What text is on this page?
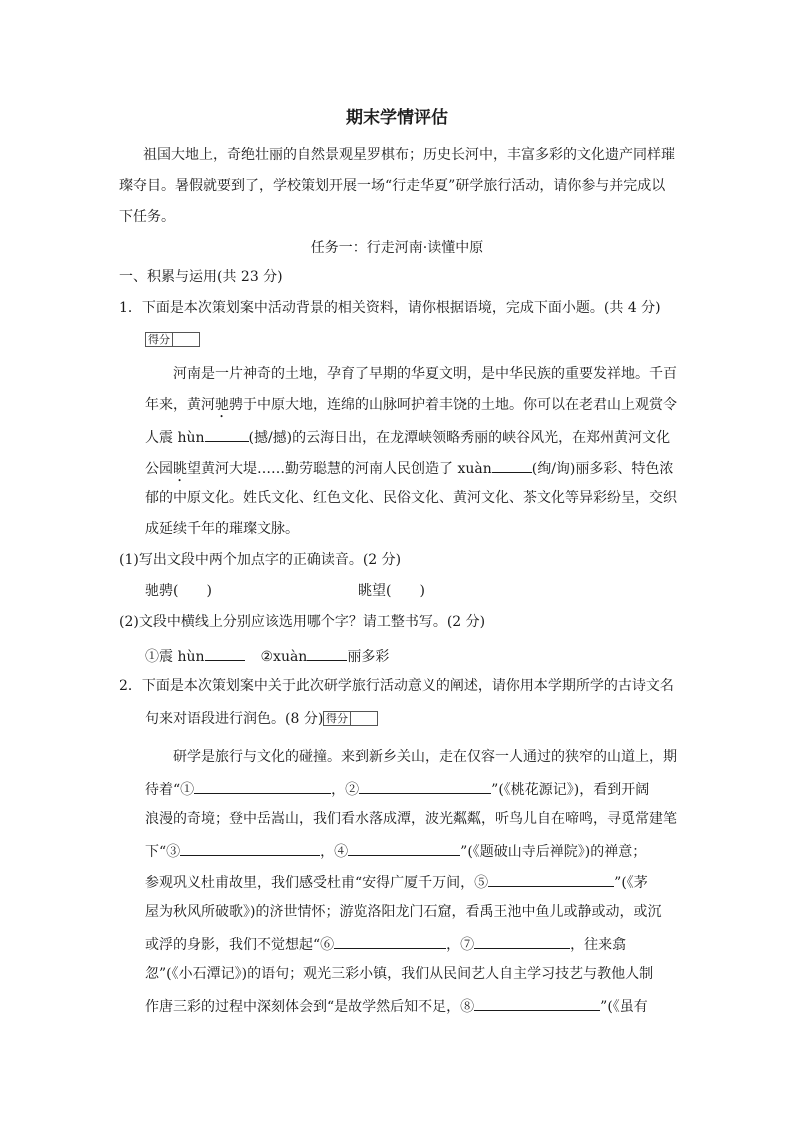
期末学情评估
祖国大地上，奇绝壮丽的自然景观星罗棋布；历史长河中，丰富多彩的文化遗产同样璀
璨夺目。暑假就要到了，学校策划开展一场“行走华夏”研学旅行活动，请你参与并完成以
下任务。
任务一：行走河南·读懂中原
一、积累与运用(共 23 分)
1．下面是本次策划案中活动背景的相关资料，请你根据语境，完成下面小题。(共 4 分)
得分
河南是一片神奇的土地，孕育了早期的华夏文明，是中华民族的重要发祥地。千百
年来，黄河驰骋于中原大地，连绵的山脉呵护着丰饶的土地。你可以在老君山上观赏令
人震 hùn	(撼/撼)的云海日出，在龙潭峡领略秀丽的峡谷风光，在郑州黄河文化
公园眺望黄河大堤……勤劳聪慧的河南人民创造了 xuàn	(绚/询)丽多彩、特色浓
郁的中原文化。姓氏文化、红色文化、民俗文化、黄河文化、茶文化等异彩纷呈，交织
成延续千年的璀璨文脉。
(1)写出文段中两个加点字的正确读音。(2 分)
驰骋(　　)	眺望(　　)
(2)文段中横线上分别应该选用哪个字？请工整书写。(2 分)
①震 hùn	②xuàn	丽多彩
2．下面是本次策划案中关于此次研学旅行活动意义的阐述，请你用本学期所学的古诗文名
句来对语段进行润色。(8 分) 得分
研学是旅行与文化的碰撞。来到新乡关山，走在仅容一人通过的狭窄的山道上，期
待着“①	，②	”(《桃花源记》)，看到开阔
浪漫的奇境；登中岳嵩山，我们看水落成潭，波光粼粼，听鸟儿自在啼鸣，寻觅常建笔
下“③	，④	”(《题破山寺后禅院》)的禅意；
参观巩义杜甫故里，我们感受杜甫“安得广厦千万间，⑤	”(《茅
屋为秋风所破歌》)的济世情怀；游览洛阳龙门石窟，看禹王池中鱼儿或静或动，或沉
或浮的身影，我们不觉想起“⑥	，⑦	，往来翕
忽”(《小石潭记》)的语句；观光三彩小镇，我们从民间艺人自主学习技艺与教他人制
作唐三彩的过程中深刻体会到“是故学然后知不足，⑧	”(《虽有
